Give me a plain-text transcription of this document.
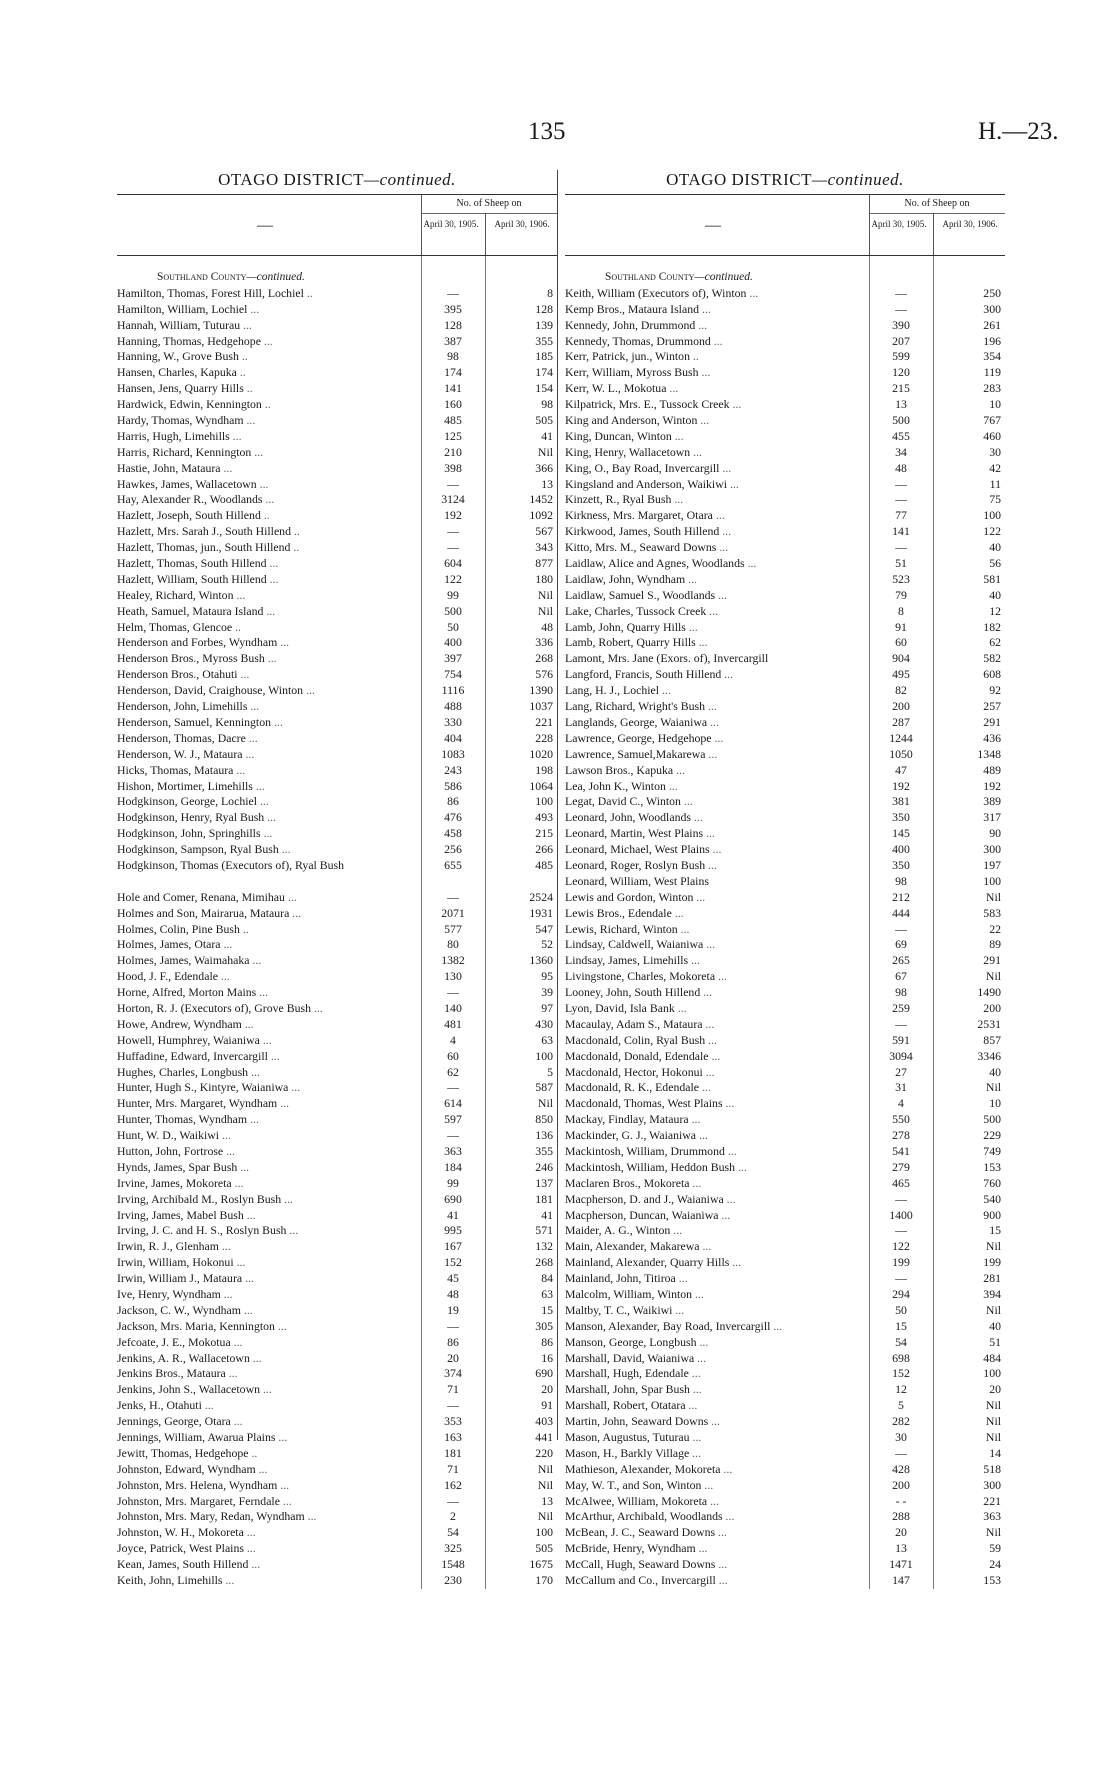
135	H.—23.
OTAGO DISTRICT—continued.
—
No. of Sheep on
April 30, 1905.	April 30, 1906.
Southland County—continued.
Hamilton, Thomas, Forest Hill, Lochiel ..	—	8
Hamilton, William, Lochiel ...	395	128
Hannah, William, Tuturau ...	128	139
Hanning, Thomas, Hedgehope ...	387	355
Hanning, W., Grove Bush ..	98	185
Hansen, Charles, Kapuka ..	174	174
Hansen, Jens, Quarry Hills ..	141	154
Hardwick, Edwin, Kennington ..	160	98
Hardy, Thomas, Wyndham ...	485	505
Harris, Hugh, Limehills ...	125	41
Harris, Richard, Kennington ...	210	Nil
Hastie, John, Mataura ...	398	366
Hawkes, James, Wallacetown ...	—	13
Hay, Alexander R., Woodlands ...	3124	1452
Hazlett, Joseph, South Hillend ..	192	1092
Hazlett, Mrs. Sarah J., South Hillend ..	—	567
Hazlett, Thomas, jun., South Hillend ..	—	343
Hazlett, Thomas, South Hillend ...	604	877
Hazlett, William, South Hillend ...	122	180
Healey, Richard, Winton ...	99	Nil
Heath, Samuel, Mataura Island ...	500	Nil
Helm, Thomas, Glencoe ..	50	48
Henderson and Forbes, Wyndham ...	400	336
Henderson Bros., Myross Bush ...	397	268
Henderson Bros., Otahuti ...	754	576
Henderson, David, Craighouse, Winton ...	1116	1390
Henderson, John, Limehills ...	488	1037
Henderson, Samuel, Kennington ...	330	221
Henderson, Thomas, Dacre ...	404	228
Henderson, W. J., Mataura ...	1083	1020
Hicks, Thomas, Mataura ...	243	198
Hishon, Mortimer, Limehills ...	586	1064
Hodgkinson, George, Lochiel ...	86	100
Hodgkinson, Henry, Ryal Bush ...	476	493
Hodgkinson, John, Springhills ...	458	215
Hodgkinson, Sampson, Ryal Bush ...	256	266
Hodgkinson, Thomas (Executors of), Ryal Bush	655	485
Hole and Comer, Renana, Mimihau ...	—	2524
Holmes and Son, Mairarua, Mataura ...	2071	1931
Holmes, Colin, Pine Bush ..	577	547
Holmes, James, Otara ...	80	52
Holmes, James, Waimahaka ...	1382	1360
Hood, J. F., Edendale ...	130	95
Horne, Alfred, Morton Mains ...	—	39
Horton, R. J. (Executors of), Grove Bush ...	140	97
Howe, Andrew, Wyndham ...	481	430
Howell, Humphrey, Waianiwa ...	4	63
Huffadine, Edward, Invercargill ...	60	100
Hughes, Charles, Longbush ...	62	5
Hunter, Hugh S., Kintyre, Waianiwa ...	—	587
Hunter, Mrs. Margaret, Wyndham ...	614	Nil
Hunter, Thomas, Wyndham ...	597	850
Hunt, W. D., Waikiwi ...	—	136
Hutton, John, Fortrose ...	363	355
Hynds, James, Spar Bush ...	184	246
Irvine, James, Mokoreta ...	99	137
Irving, Archibald M., Roslyn Bush ...	690	181
Irving, James, Mabel Bush ...	41	41
Irving, J. C. and H. S., Roslyn Bush ...	995	571
Irwin, R. J., Glenham ...	167	132
Irwin, William, Hokonui ...	152	268
Irwin, William J., Mataura ...	45	84
Ive, Henry, Wyndham ...	48	63
Jackson, C. W., Wyndham ...	19	15
Jackson, Mrs. Maria, Kennington ...	—	305
Jefcoate, J. E., Mokotua ...	86	86
Jenkins, A. R., Wallacetown ...	20	16
Jenkins Bros., Mataura ...	374	690
Jenkins, John S., Wallacetown ...	71	20
Jenks, H., Otahuti ...	—	91
Jennings, George, Otara ...	353	403
Jennings, William, Awarua Plains ...	163	441
Jewitt, Thomas, Hedgehope ..	181	220
Johnston, Edward, Wyndham ...	71	Nil
Johnston, Mrs. Helena, Wyndham ...	162	Nil
Johnston, Mrs. Margaret, Ferndale ...	—	13
Johnston, Mrs. Mary, Redan, Wyndham ...	2	Nil
Johnston, W. H., Mokoreta ...	54	100
Joyce, Patrick, West Plains ...	325	505
Kean, James, South Hillend ...	1548	1675
Keith, John, Limehills ...	230	170
OTAGO DISTRICT—continued.
—
No. of Sheep on
April 30, 1905.	April 30, 1906.
Southland County—continued.
Keith, William (Executors of), Winton ...	—	250
Kemp Bros., Mataura Island ...	—	300
Kennedy, John, Drummond ...	390	261
Kennedy, Thomas, Drummond ...	207	196
Kerr, Patrick, jun., Winton ..	599	354
Kerr, William, Myross Bush ...	120	119
Kerr, W. L., Mokotua ...	215	283
Kilpatrick, Mrs. E., Tussock Creek ...	13	10
King and Anderson, Winton ...	500	767
King, Duncan, Winton ...	455	460
King, Henry, Wallacetown ...	34	30
King, O., Bay Road, Invercargill ...	48	42
Kingsland and Anderson, Waikiwi ...	—	11
Kinzett, R., Ryal Bush ...	—	75
Kirkness, Mrs. Margaret, Otara ...	77	100
Kirkwood, James, South Hillend ...	141	122
Kitto, Mrs. M., Seaward Downs ...	—	40
Laidlaw, Alice and Agnes, Woodlands ...	51	56
Laidlaw, John, Wyndham ...	523	581
Laidlaw, Samuel S., Woodlands ...	79	40
Lake, Charles, Tussock Creek ...	8	12
Lamb, John, Quarry Hills ...	91	182
Lamb, Robert, Quarry Hills ...	60	62
Lamont, Mrs. Jane (Exors. of), Invercargill	904	582
Langford, Francis, South Hillend ...	495	608
Lang, H. J., Lochiel ...	82	92
Lang, Richard, Wright's Bush ...	200	257
Langlands, George, Waianiwa ...	287	291
Lawrence, George, Hedgehope ...	1244	436
Lawrence, Samuel,Makarewa ...	1050	1348
Lawson Bros., Kapuka ...	47	489
Lea, John K., Winton ...	192	192
Legat, David C., Winton ...	381	389
Leonard, John, Woodlands ...	350	317
Leonard, Martin, West Plains ...	145	90
Leonard, Michael, West Plains ...	400	300
Leonard, Roger, Roslyn Bush ...	350	197
Leonard, William, West Plains	98	100
Lewis and Gordon, Winton ...	212	Nil
Lewis Bros., Edendale ...	444	583
Lewis, Richard, Winton ...	—	22
Lindsay, Caldwell, Waianiwa ...	69	89
Lindsay, James, Limehills ...	265	291
Livingstone, Charles, Mokoreta ...	67	Nil
Looney, John, South Hillend ...	98	1490
Lyon, David, Isla Bank ...	259	200
Macaulay, Adam S., Mataura ...	—	2531
Macdonald, Colin, Ryal Bush ...	591	857
Macdonald, Donald, Edendale ...	3094	3346
Macdonald, Hector, Hokonui ...	27	40
Macdonald, R. K., Edendale ...	31	Nil
Macdonald, Thomas, West Plains ...	4	10
Mackay, Findlay, Mataura ...	550	500
Mackinder, G. J., Waianiwa ...	278	229
Mackintosh, William, Drummond ...	541	749
Mackintosh, William, Heddon Bush ...	279	153
Maclaren Bros., Mokoreta ...	465	760
Macpherson, D. and J., Waianiwa ...	—	540
Macpherson, Duncan, Waianiwa ...	1400	900
Maider, A. G., Winton ...	—	15
Main, Alexander, Makarewa ...	122	Nil
Mainland, Alexander, Quarry Hills ...	199	199
Mainland, John, Titiroa ...	—	281
Malcolm, William, Winton ...	294	394
Maltby, T. C., Waikiwi ...	50	Nil
Manson, Alexander, Bay Road, Invercargill ...	15	40
Manson, George, Longbush ...	54	51
Marshall, David, Waianiwa ...	698	484
Marshall, Hugh, Edendale ...	152	100
Marshall, John, Spar Bush ...	12	20
Marshall, Robert, Otatara ...	5	Nil
Martin, John, Seaward Downs ...	282	Nil
Mason, Augustus, Tuturau ...	30	Nil
Mason, H., Barkly Village ...	—	14
Mathieson, Alexander, Mokoreta ...	428	518
May, W. T., and Son, Winton ...	200	300
McAlwee, William, Mokoreta ...	- -	221
McArthur, Archibald, Woodlands ...	288	363
McBean, J. C., Seaward Downs ...	20	Nil
McBride, Henry, Wyndham ...	13	59
McCall, Hugh, Seaward Downs ...	1471	24
McCallum and Co., Invercargill ...	147	153
